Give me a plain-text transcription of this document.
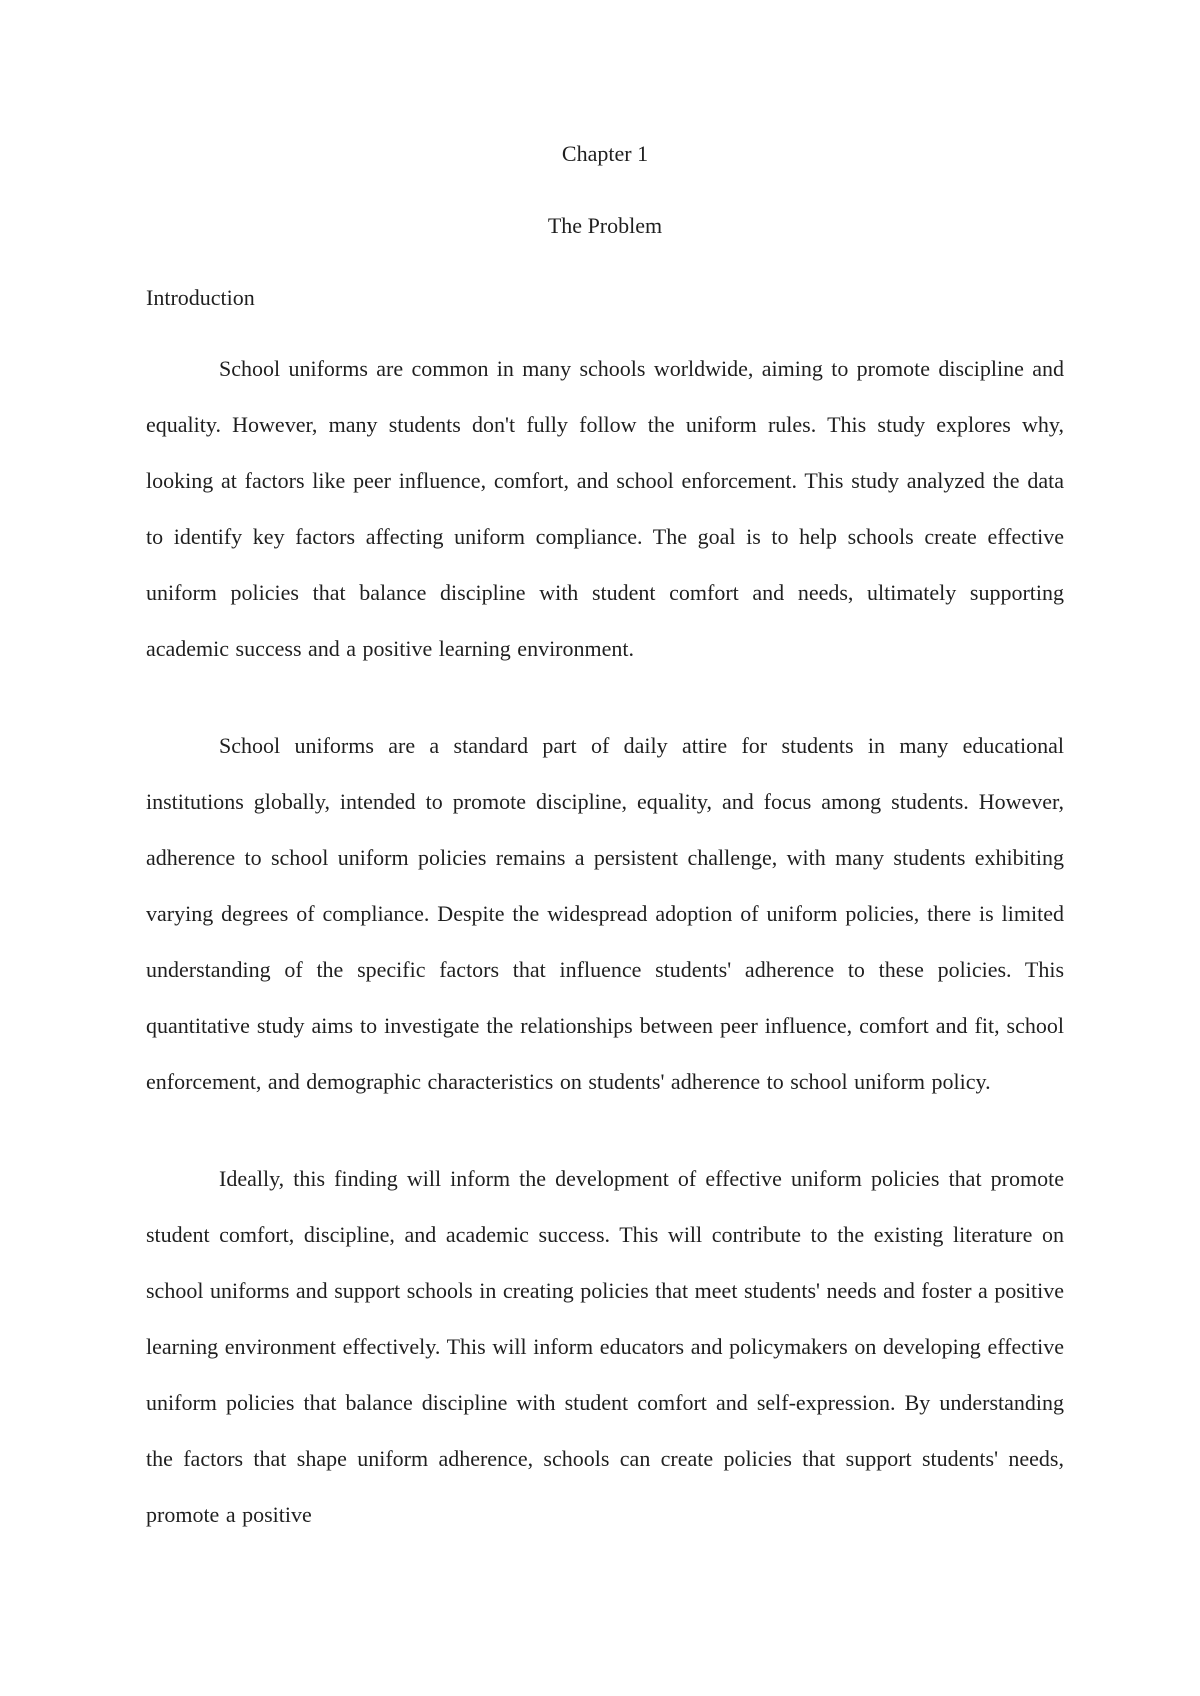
Chapter 1
The Problem
Introduction

School uniforms are common in many schools worldwide, aiming to promote discipline and equality. However, many students don't fully follow the uniform rules. This study explores why, looking at factors like peer influence, comfort, and school enforcement. This study analyzed the data to identify key factors affecting uniform compliance. The goal is to help schools create effective uniform policies that balance discipline with student comfort and needs, ultimately supporting academic success and a positive learning environment.

School uniforms are a standard part of daily attire for students in many educational institutions globally, intended to promote discipline, equality, and focus among students. However, adherence to school uniform policies remains a persistent challenge, with many students exhibiting varying degrees of compliance. Despite the widespread adoption of uniform policies, there is limited understanding of the specific factors that influence students' adherence to these policies. This quantitative study aims to investigate the relationships between peer influence, comfort and fit, school enforcement, and demographic characteristics on students' adherence to school uniform policy.

Ideally, this finding will inform the development of effective uniform policies that promote student comfort, discipline, and academic success. This will contribute to the existing literature on school uniforms and support schools in creating policies that meet students' needs and foster a positive learning environment effectively. This will inform educators and policymakers on developing effective uniform policies that balance discipline with student comfort and self-expression. By understanding the factors that shape uniform adherence, schools can create policies that support students' needs, promote a positive
